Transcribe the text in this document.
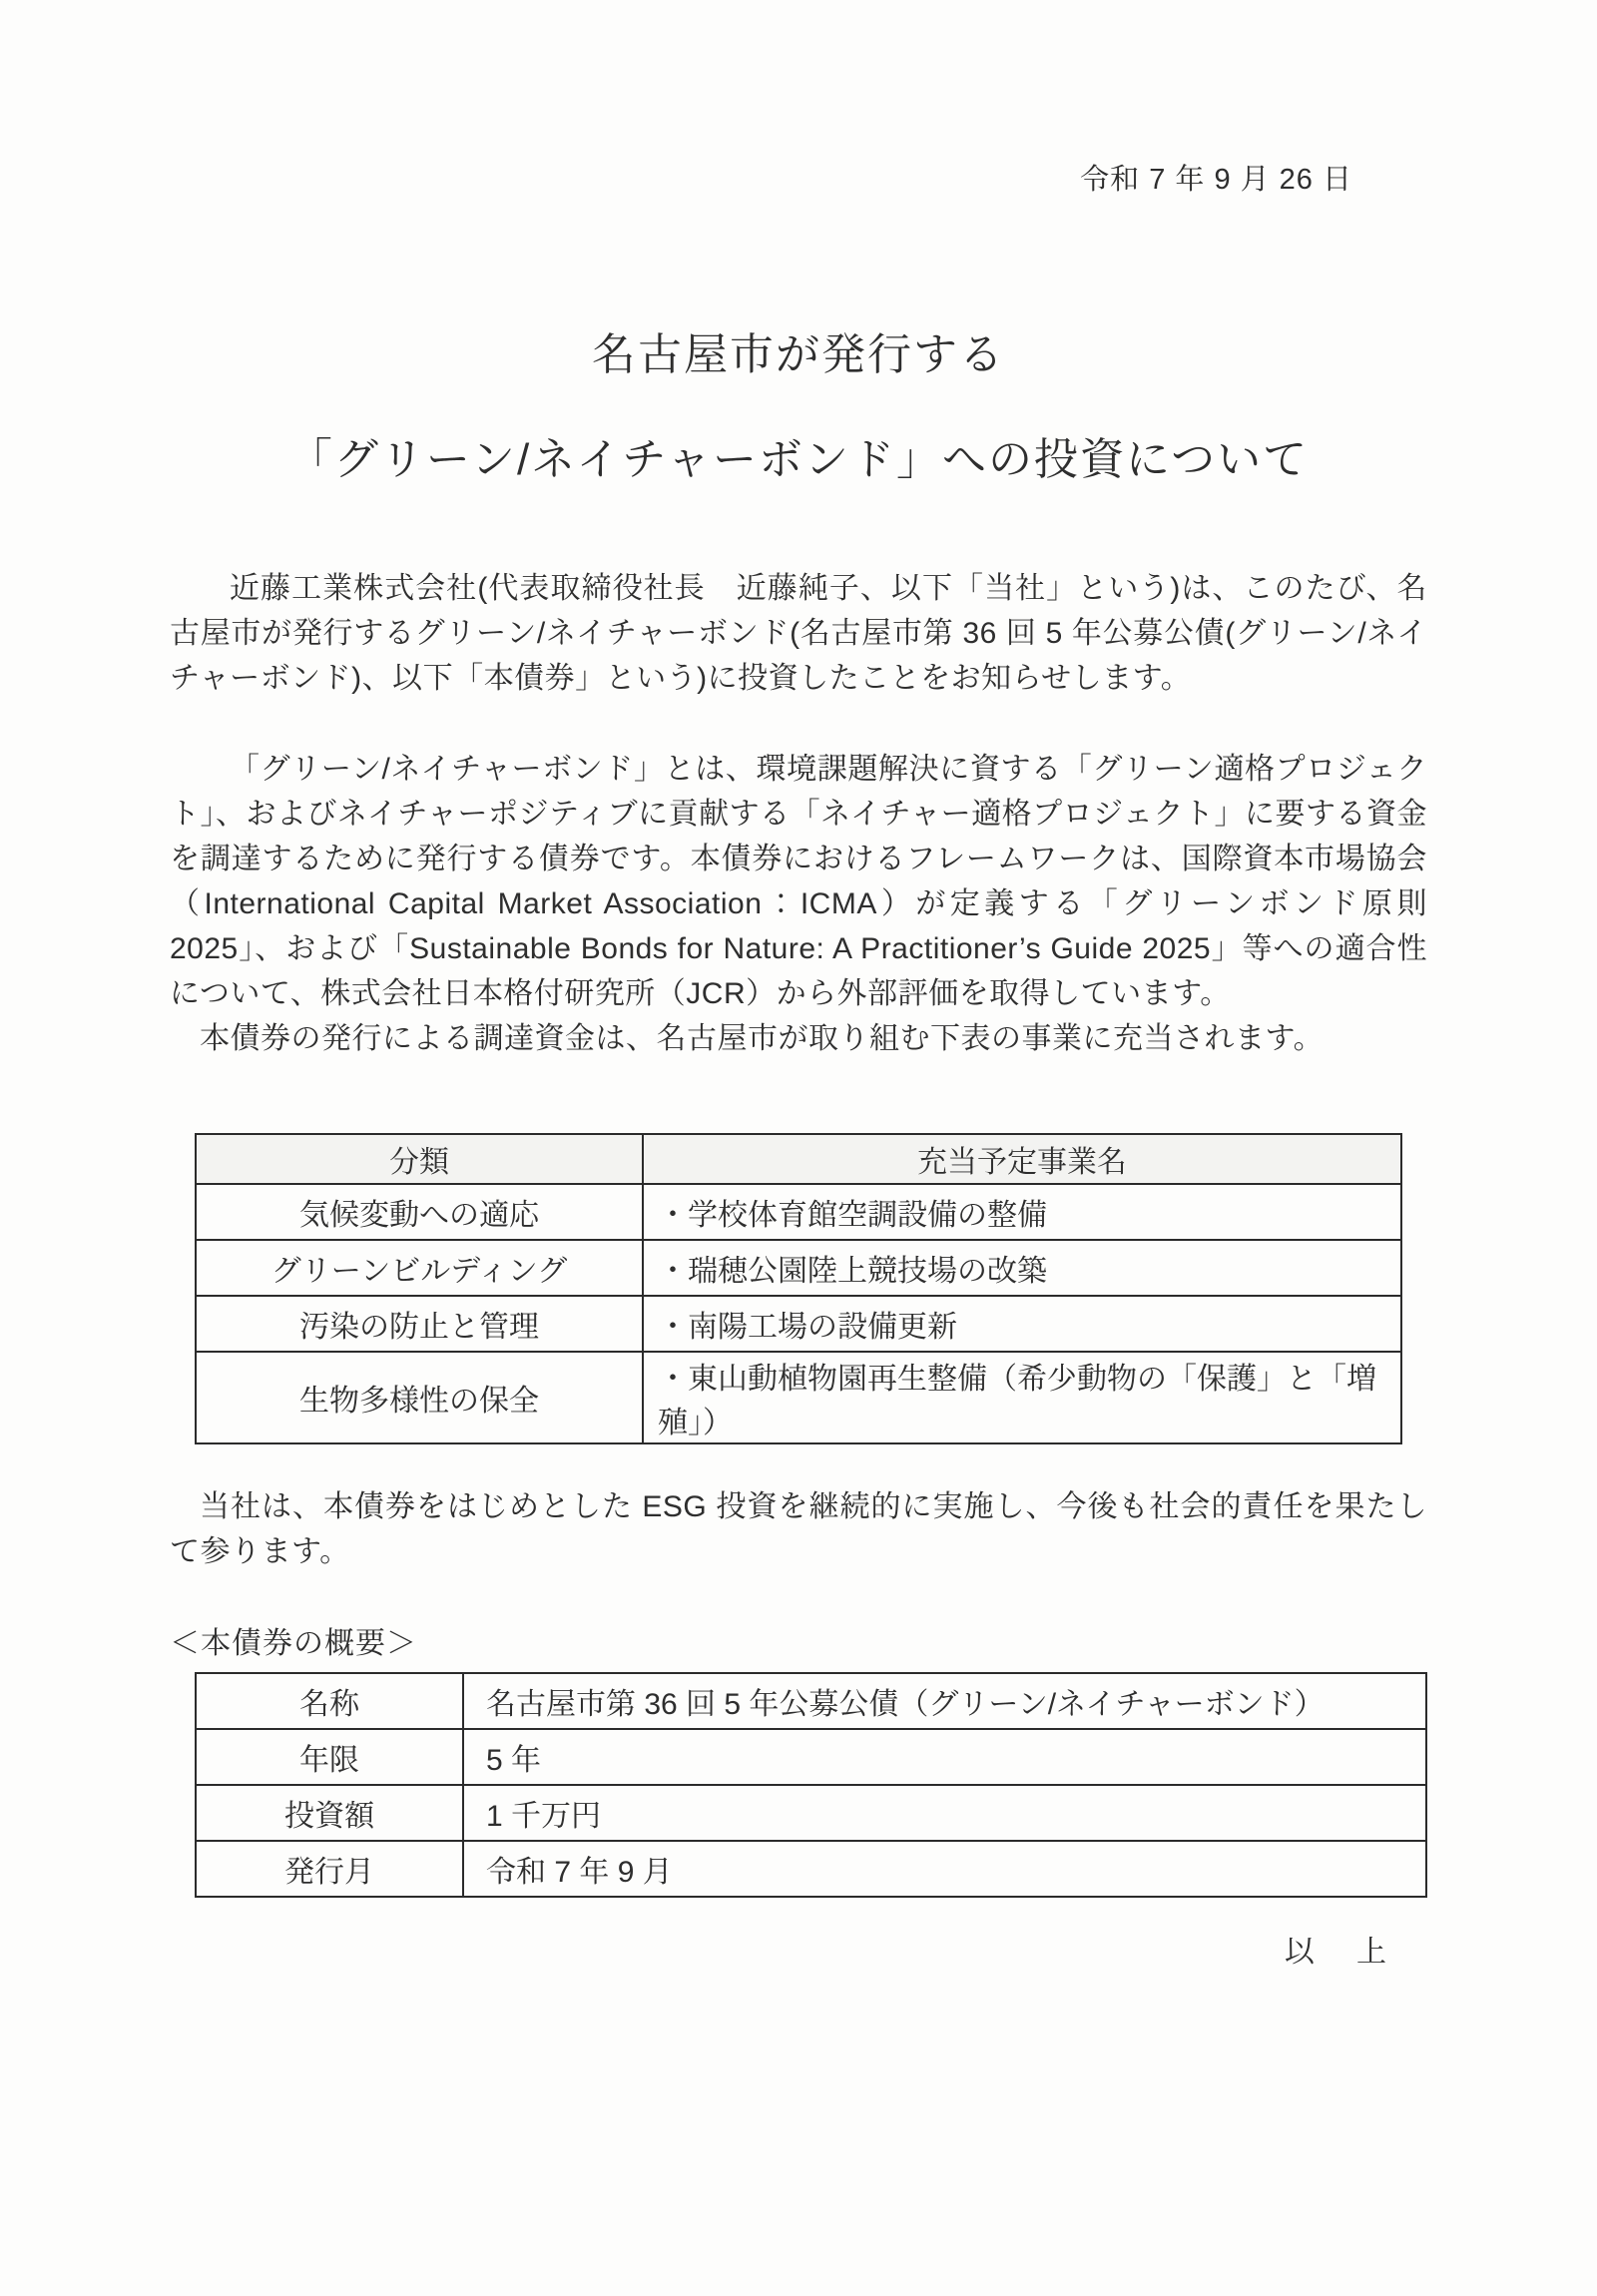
令和 7 年 9 月 26 日
名古屋市が発行する
「グリーン/ネイチャーボンド」への投資について
近藤工業株式会社(代表取締役社長　近藤純子、以下「当社」という)は、このたび、名古屋市が発行するグリーン/ネイチャーボンド(名古屋市第 36 回 5 年公募公債(グリーン/ネイチャーボンド)、以下「本債券」という)に投資したことをお知らせします。
「グリーン/ネイチャーボンド」とは、環境課題解決に資する「グリーン適格プロジェクト」、およびネイチャーポジティブに貢献する「ネイチャー適格プロジェクト」に要する資金を調達するために発行する債券です。本債券におけるフレームワークは、国際資本市場協会（International Capital Market Association：ICMA）が定義する「グリーンボンド原則 2025」、および「Sustainable Bonds for Nature: A Practitioner’s Guide 2025」等への適合性について、株式会社日本格付研究所（JCR）から外部評価を取得しています。
本債券の発行による調達資金は、名古屋市が取り組む下表の事業に充当されます。
分類	充当予定事業名
気候変動への適応	・学校体育館空調設備の整備
グリーンビルディング	・瑞穂公園陸上競技場の改築
汚染の防止と管理	・南陽工場の設備更新
生物多様性の保全	・東山動植物園再生整備（希少動物の「保護」と「増殖」）
当社は、本債券をはじめとした ESG 投資を継続的に実施し、今後も社会的責任を果たして参ります。
＜本債券の概要＞
名称	名古屋市第 36 回 5 年公募公債（グリーン/ネイチャーボンド）
年限	5 年
投資額	1 千万円
発行月	令和 7 年 9 月
以　上
